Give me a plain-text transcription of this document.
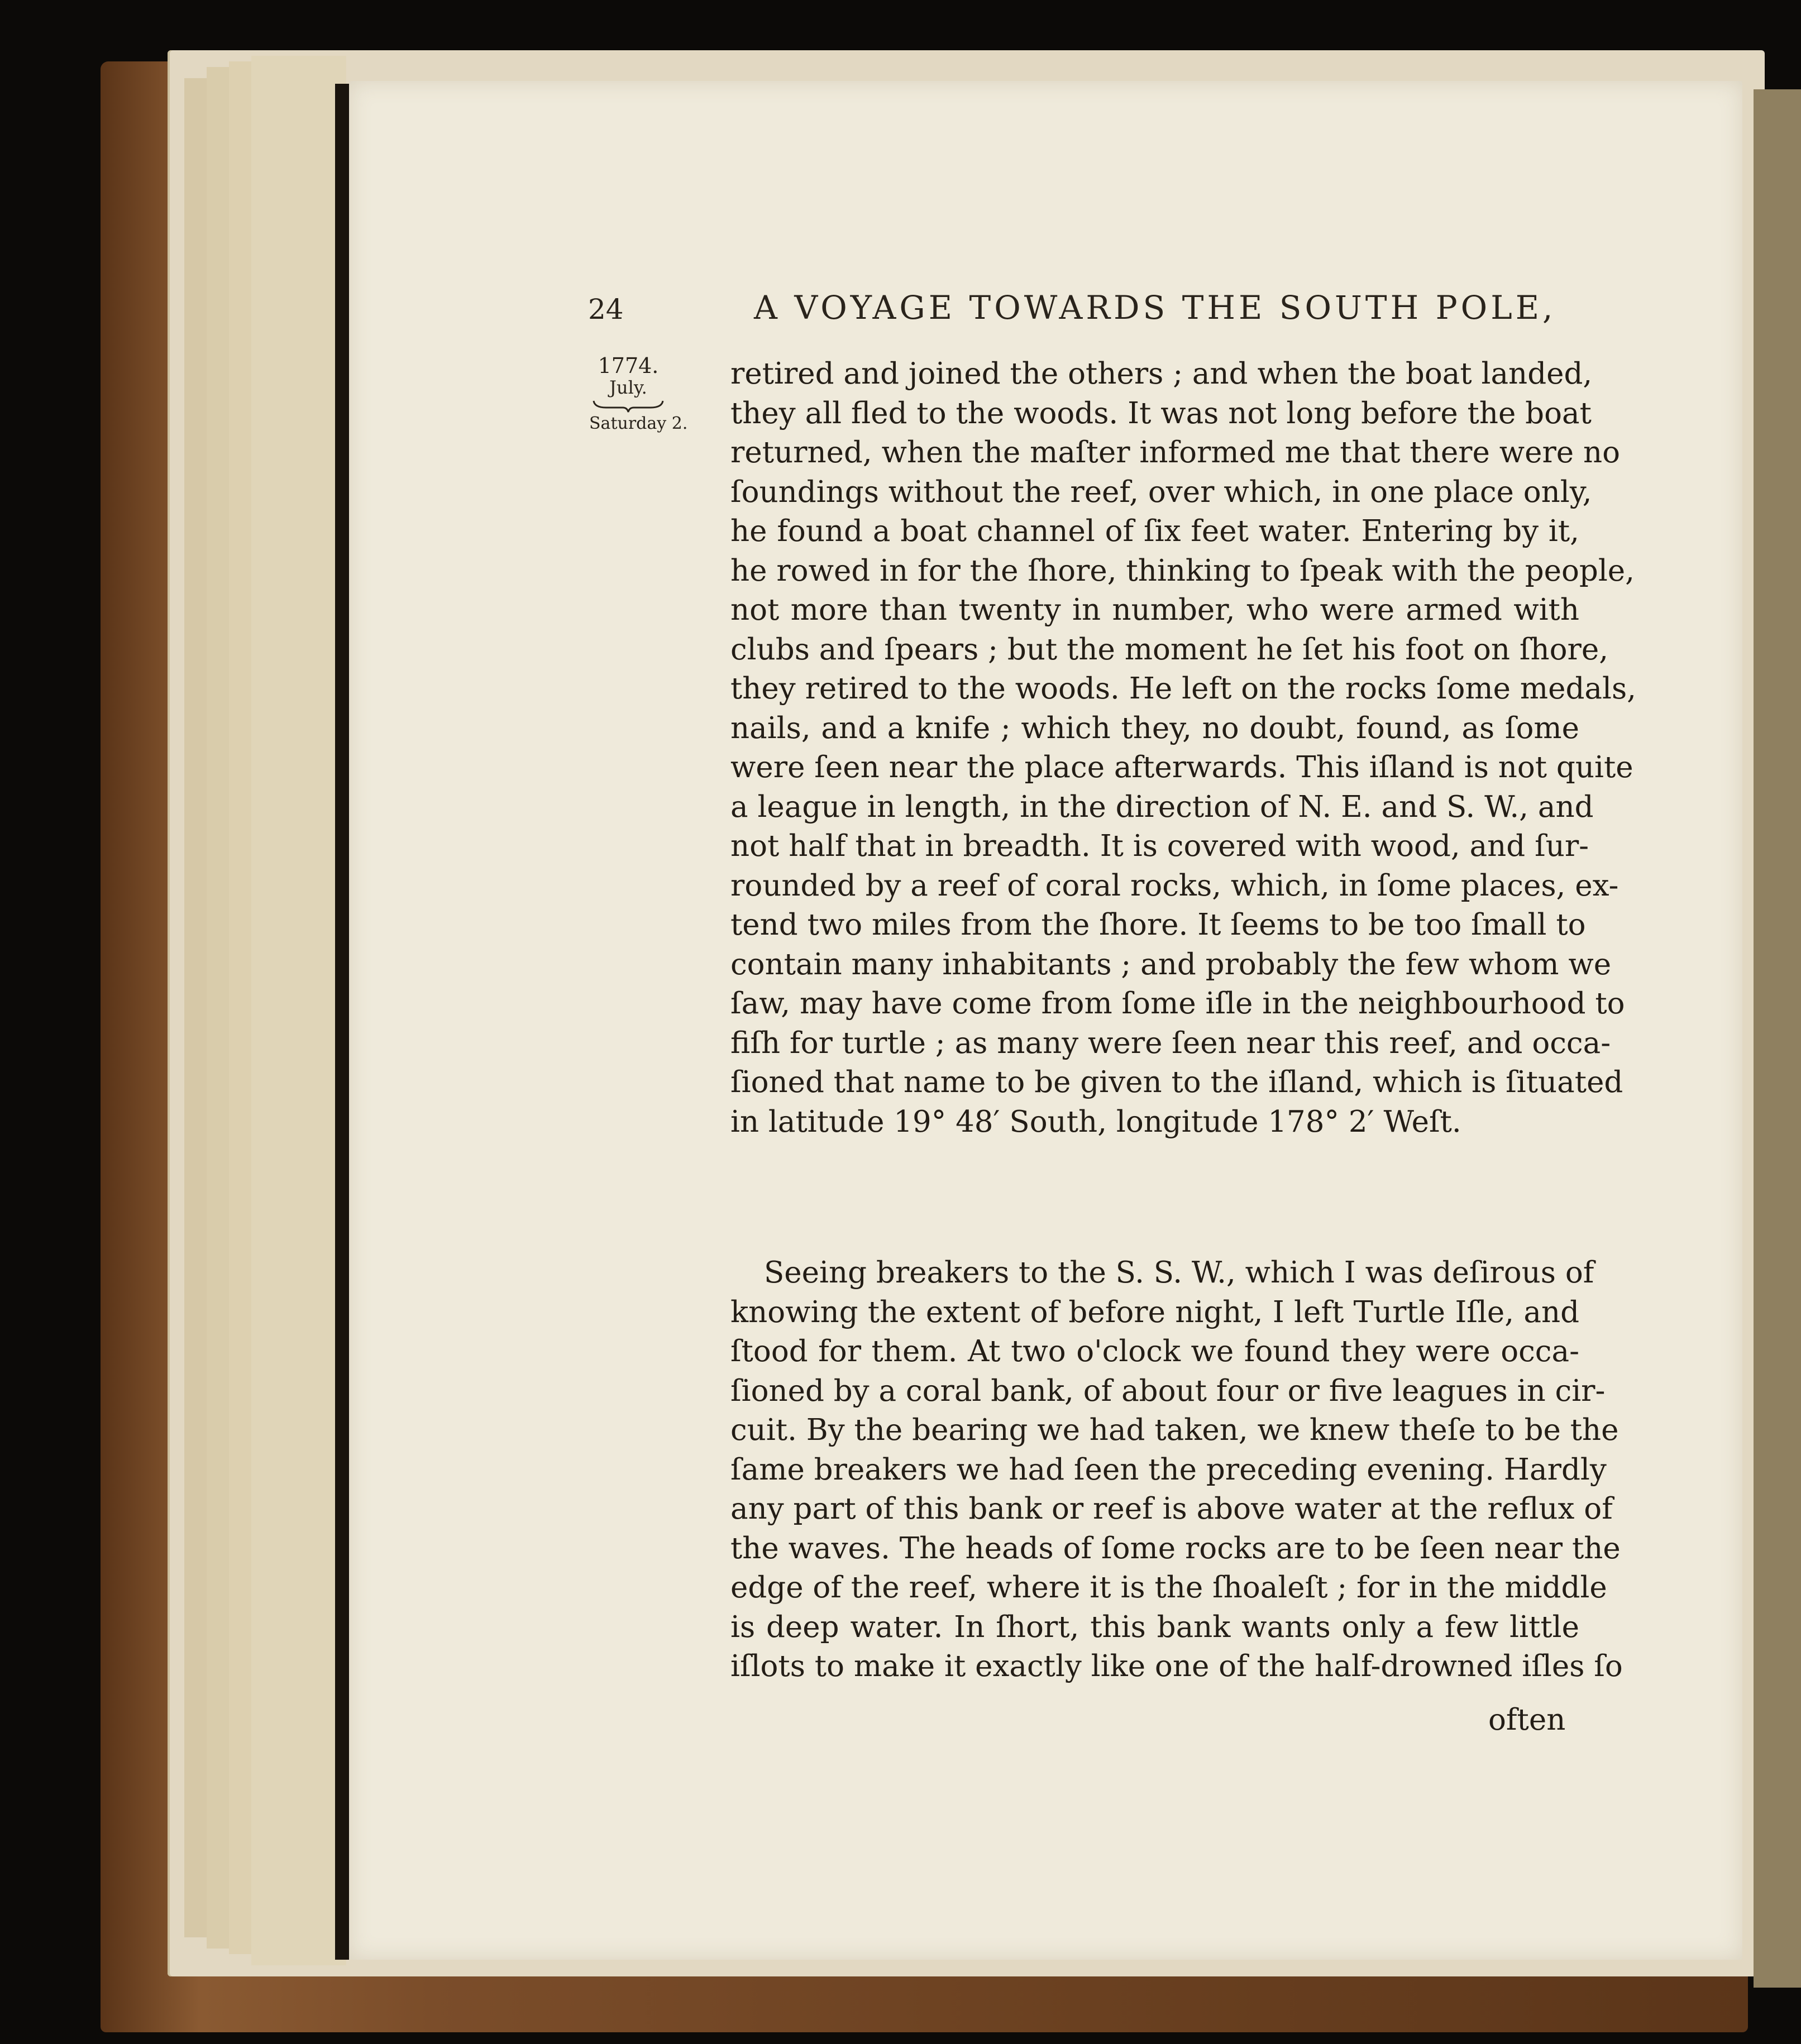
24	A VOYAGE TOWARDS THE SOUTH POLE,
1774.
July.
Saturday 2.
retired and joined the others ; and when the boat landed,
they all fled to the woods. It was not long before the boat
returned, when the maſter informed me that there were no
ſoundings without the reef, over which, in one place only,
he found a boat channel of ſix feet water. Entering by it,
he rowed in for the ſhore, thinking to ſpeak with the people,
not more than twenty in number, who were armed with
clubs and ſpears ; but the moment he ſet his foot on ſhore,
they retired to the woods. He left on the rocks ſome medals,
nails, and a knife ; which they, no doubt, found, as ſome
were ſeen near the place afterwards. This iſland is not quite
a league in length, in the direction of N. E. and S. W., and
not half that in breadth. It is covered with wood, and ſur-
rounded by a reef of coral rocks, which, in ſome places, ex-
tend two miles from the ſhore. It ſeems to be too ſmall to
contain many inhabitants ; and probably the few whom we
ſaw, may have come from ſome iſle in the neighbourhood to
fiſh for turtle ; as many were ſeen near this reef, and occa-
ſioned that name to be given to the iſland, which is ſituated
in latitude 19° 48′ South, longitude 178° 2′ Weſt.
Seeing breakers to the S. S. W., which I was deſirous of
knowing the extent of before night, I left Turtle Iſle, and
ſtood for them. At two o'clock we found they were occa-
ſioned by a coral bank, of about four or five leagues in cir-
cuit. By the bearing we had taken, we knew theſe to be the
ſame breakers we had ſeen the preceding evening. Hardly
any part of this bank or reef is above water at the reflux of
the waves. The heads of ſome rocks are to be ſeen near the
edge of the reef, where it is the ſhoaleſt ; for in the middle
is deep water. In ſhort, this bank wants only a few little
iſlots to make it exactly like one of the half-drowned iſles ſo
often
